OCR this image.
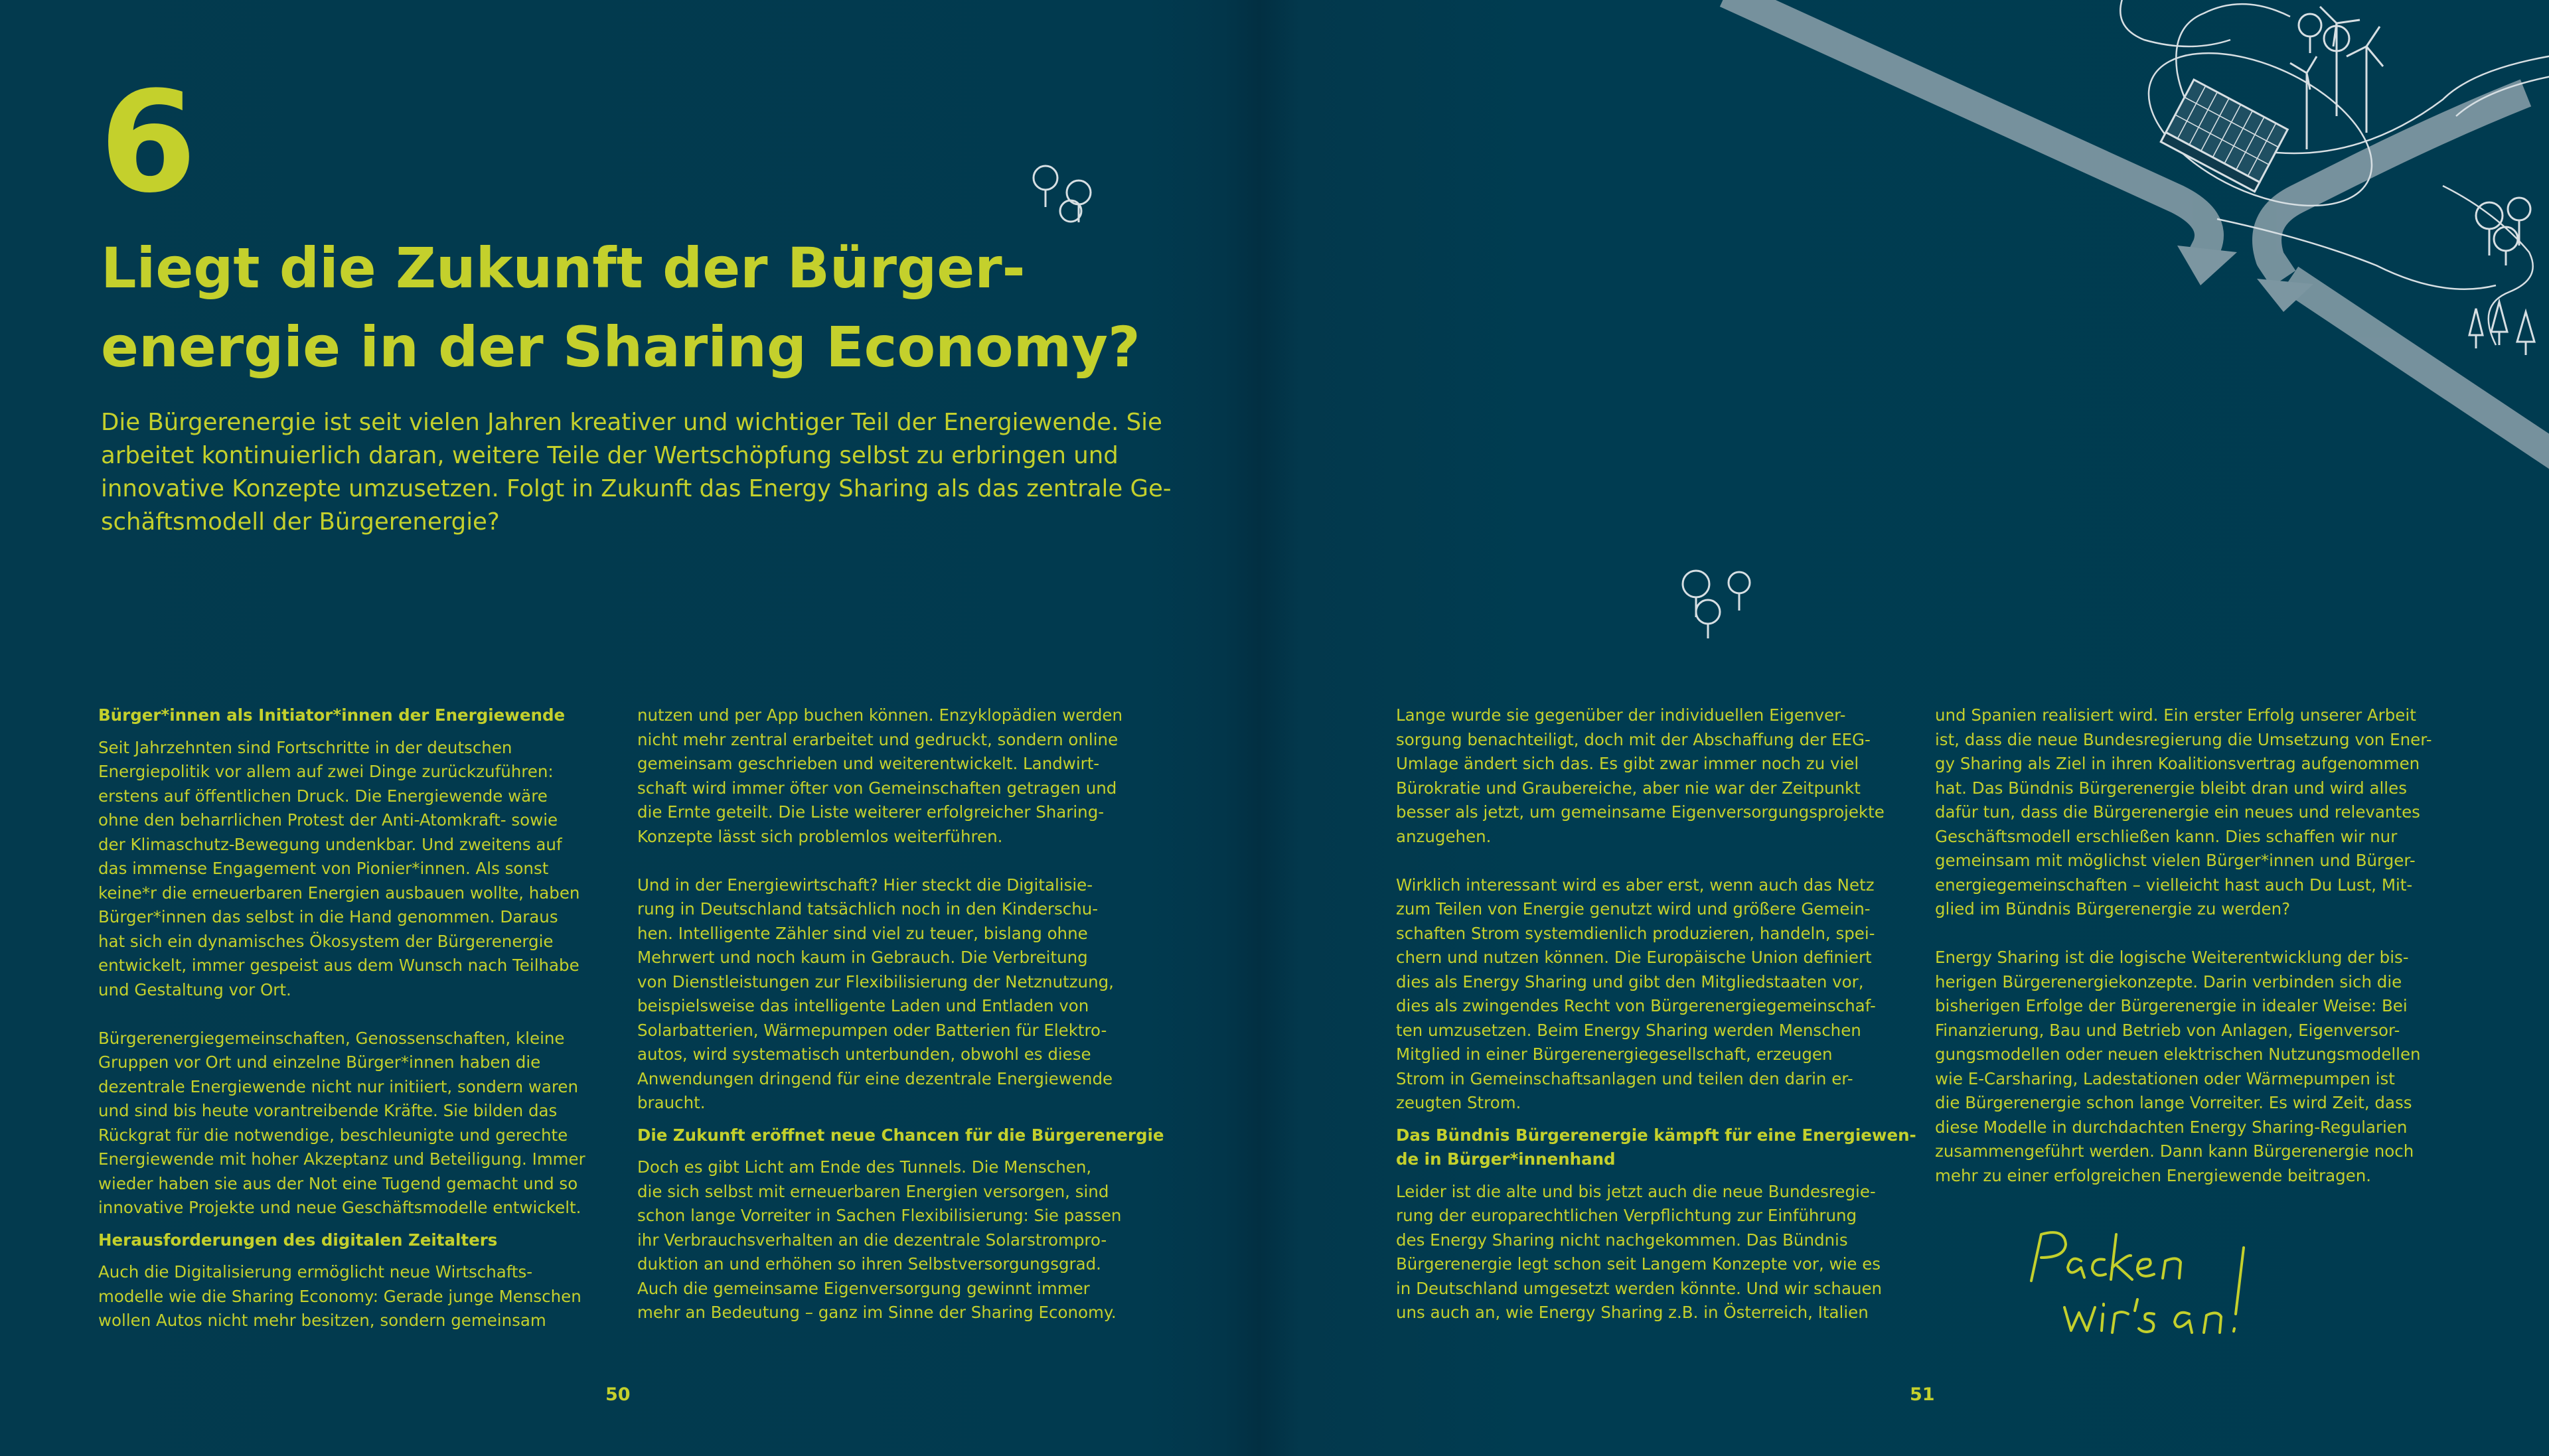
6
Liegt die Zukunft der Bürger-
energie in der Sharing Economy?

Die Bürgerenergie ist seit vielen Jahren kreativer und wichtiger Teil der Energiewende. Sie arbeitet kontinuierlich daran, weitere Teile der Wertschöpfung selbst zu erbringen und innovative Konzepte umzusetzen. Folgt in Zukunft das Energy Sharing als das zentrale Ge-schäftsmodell der Bürgerenergie?

Bürger*innen als Initiator*innen der Energiewende

Seit Jahrzehnten sind Fortschritte in der deutschen
Energiepolitik vor allem auf zwei Dinge zurückzuführen:
erstens auf öffentlichen Druck. Die Energiewende wäre
ohne den beharrlichen Protest der Anti-Atomkraft- sowie
der Klimaschutz-Bewegung undenkbar. Und zweitens auf
das immense Engagement von Pionier*innen. Als sonst
keine*r die erneuerbaren Energien ausbauen wollte, haben
Bürger*innen das selbst in die Hand genommen. Daraus
hat sich ein dynamisches Ökosystem der Bürgerenergie
entwickelt, immer gespeist aus dem Wunsch nach Teilhabe
und Gestaltung vor Ort.

Bürgerenergiegemeinschaften, Genossenschaften, kleine
Gruppen vor Ort und einzelne Bürger*innen haben die
dezentrale Energiewende nicht nur initiiert, sondern waren
und sind bis heute vorantreibende Kräfte. Sie bilden das
Rückgrat für die notwendige, beschleunigte und gerechte
Energiewende mit hoher Akzeptanz und Beteiligung. Immer
wieder haben sie aus der Not eine Tugend gemacht und so
innovative Projekte und neue Geschäftsmodelle entwickelt.

Herausforderungen des digitalen Zeitalters

Auch die Digitalisierung ermöglicht neue Wirtschafts-
modelle wie die Sharing Economy: Gerade junge Menschen
wollen Autos nicht mehr besitzen, sondern gemeinsam

nutzen und per App buchen können. Enzyklopädien werden
nicht mehr zentral erarbeitet und gedruckt, sondern online
gemeinsam geschrieben und weiterentwickelt. Landwirt-
schaft wird immer öfter von Gemeinschaften getragen und
die Ernte geteilt. Die Liste weiterer erfolgreicher Sharing-
Konzepte lässt sich problemlos weiterführen.

Und in der Energiewirtschaft? Hier steckt die Digitalisie-
rung in Deutschland tatsächlich noch in den Kinderschu-
hen. Intelligente Zähler sind viel zu teuer, bislang ohne
Mehrwert und noch kaum in Gebrauch. Die Verbreitung
von Dienstleistungen zur Flexibilisierung der Netznutzung,
beispielsweise das intelligente Laden und Entladen von
Solarbatterien, Wärmepumpen oder Batterien für Elektro-
autos, wird systematisch unterbunden, obwohl es diese
Anwendungen dringend für eine dezentrale Energiewende
braucht.

Die Zukunft eröffnet neue Chancen für die Bürgerenergie

Doch es gibt Licht am Ende des Tunnels. Die Menschen,
die sich selbst mit erneuerbaren Energien versorgen, sind
schon lange Vorreiter in Sachen Flexibilisierung: Sie passen
ihr Verbrauchsverhalten an die dezentrale Solarstrompro-
duktion an und erhöhen so ihren Selbstversorgungsgrad.
Auch die gemeinsame Eigenversorgung gewinnt immer
mehr an Bedeutung – ganz im Sinne der Sharing Economy.

Lange wurde sie gegenüber der individuellen Eigenver-
sorgung benachteiligt, doch mit der Abschaffung der EEG-
Umlage ändert sich das. Es gibt zwar immer noch zu viel
Bürokratie und Graubereiche, aber nie war der Zeitpunkt
besser als jetzt, um gemeinsame Eigenversorgungsprojekte
anzugehen.

Wirklich interessant wird es aber erst, wenn auch das Netz
zum Teilen von Energie genutzt wird und größere Gemein-
schaften Strom systemdienlich produzieren, handeln, spei-
chern und nutzen können. Die Europäische Union definiert
dies als Energy Sharing und gibt den Mitgliedstaaten vor,
dies als zwingendes Recht von Bürgerenergiegemeinschaf-
ten umzusetzen. Beim Energy Sharing werden Menschen
Mitglied in einer Bürgerenergiegesellschaft, erzeugen
Strom in Gemeinschaftsanlagen und teilen den darin er-
zeugten Strom.

Das Bündnis Bürgerenergie kämpft für eine Energiewen-
de in Bürger*innenhand

Leider ist die alte und bis jetzt auch die neue Bundesregie-
rung der europarechtlichen Verpflichtung zur Einführung
des Energy Sharing nicht nachgekommen. Das Bündnis
Bürgerenergie legt schon seit Langem Konzepte vor, wie es
in Deutschland umgesetzt werden könnte. Und wir schauen
uns auch an, wie Energy Sharing z.B. in Österreich, Italien

und Spanien realisiert wird. Ein erster Erfolg unserer Arbeit
ist, dass die neue Bundesregierung die Umsetzung von Ener-
gy Sharing als Ziel in ihren Koalitionsvertrag aufgenommen
hat. Das Bündnis Bürgerenergie bleibt dran und wird alles
dafür tun, dass die Bürgerenergie ein neues und relevantes
Geschäftsmodell erschließen kann. Dies schaffen wir nur
gemeinsam mit möglichst vielen Bürger*innen und Bürger-
energiegemeinschaften – vielleicht hast auch Du Lust, Mit-
glied im Bündnis Bürgerenergie zu werden?

Energy Sharing ist die logische Weiterentwicklung der bis-
herigen Bürgerenergiekonzepte. Darin verbinden sich die
bisherigen Erfolge der Bürgerenergie in idealer Weise: Bei
Finanzierung, Bau und Betrieb von Anlagen, Eigenversor-
gungsmodellen oder neuen elektrischen Nutzungsmodellen
wie E-Carsharing, Ladestationen oder Wärmepumpen ist
die Bürgerenergie schon lange Vorreiter. Es wird Zeit, dass
diese Modelle in durchdachten Energy Sharing-Regularien
zusammengeführt werden. Dann kann Bürgerenergie noch
mehr zu einer erfolgreichen Energiewende beitragen.

50	51
